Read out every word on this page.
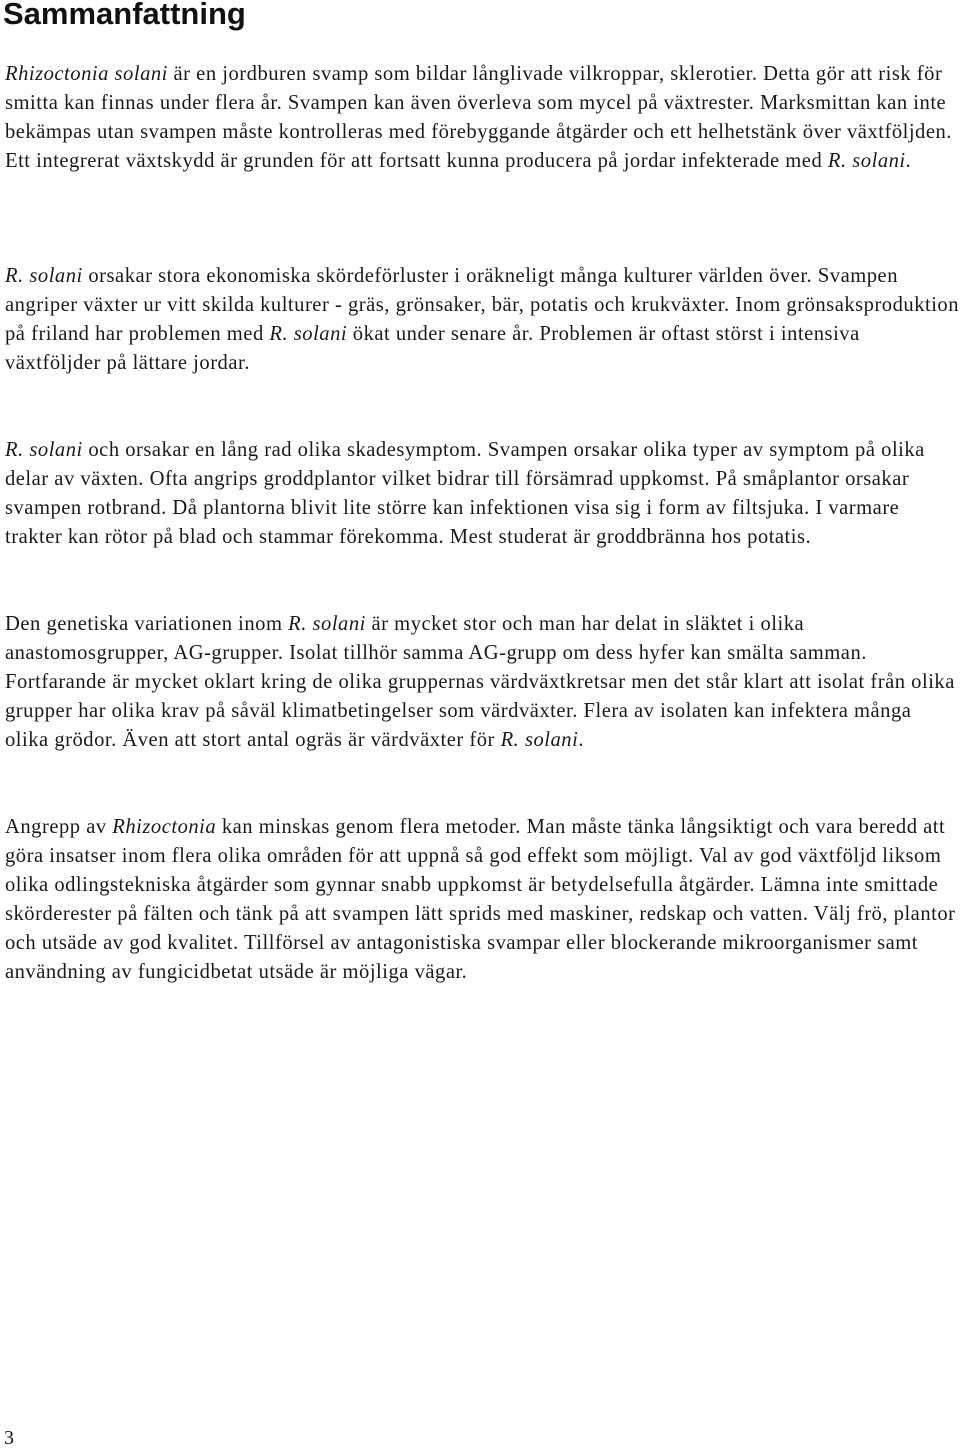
Sammanfattning

Rhizoctonia solani är en jordburen svamp som bildar långlivade vilkroppar, sklerotier. Detta gör att risk för smitta kan finnas under flera år. Svampen kan även överleva som mycel på växtrester. Marksmittan kan inte bekämpas utan svampen måste kontrolleras med förebyggande åtgärder och ett helhetstänk över växtföljden. Ett integrerat växtskydd är grunden för att fortsatt kunna producera på jordar infekterade med R. solani.

R. solani orsakar stora ekonomiska skördeförluster i oräkneligt många kulturer världen över. Svampen angriper växter ur vitt skilda kulturer - gräs, grönsaker, bär, potatis och krukväxter. Inom grönsaksproduktion på friland har problemen med R. solani ökat under senare år. Problemen är oftast störst i intensiva växtföljder på lättare jordar.

R. solani och orsakar en lång rad olika skadesymptom. Svampen orsakar olika typer av symptom på olika delar av växten. Ofta angrips groddplantor vilket bidrar till försämrad uppkomst. På småplantor orsakar svampen rotbrand. Då plantorna blivit lite större kan infektionen visa sig i form av filtsjuka. I varmare trakter kan rötor på blad och stammar förekomma. Mest studerat är groddbränna hos potatis.

Den genetiska variationen inom R. solani är mycket stor och man har delat in släktet i olika anastomosgrupper, AG-grupper. Isolat tillhör samma AG-grupp om dess hyfer kan smälta samman. Fortfarande är mycket oklart kring de olika gruppernas värdväxtkretsar men det står klart att isolat från olika grupper har olika krav på såväl klimatbetingelser som värdväxter. Flera av isolaten kan infektera många olika grödor. Även att stort antal ogräs är värdväxter för R. solani.

Angrepp av Rhizoctonia kan minskas genom flera metoder. Man måste tänka långsiktigt och vara beredd att göra insatser inom flera olika områden för att uppnå så god effekt som möjligt. Val av god växtföljd liksom olika odlingstekniska åtgärder som gynnar snabb uppkomst är betydelsefulla åtgärder. Lämna inte smittade skörderester på fälten och tänk på att svampen lätt sprids med maskiner, redskap och vatten. Välj frö, plantor och utsäde av god kvalitet. Tillförsel av antagonistiska svampar eller blockerande mikroorganismer samt användning av fungicidbetat utsäde är möjliga vägar.

3
